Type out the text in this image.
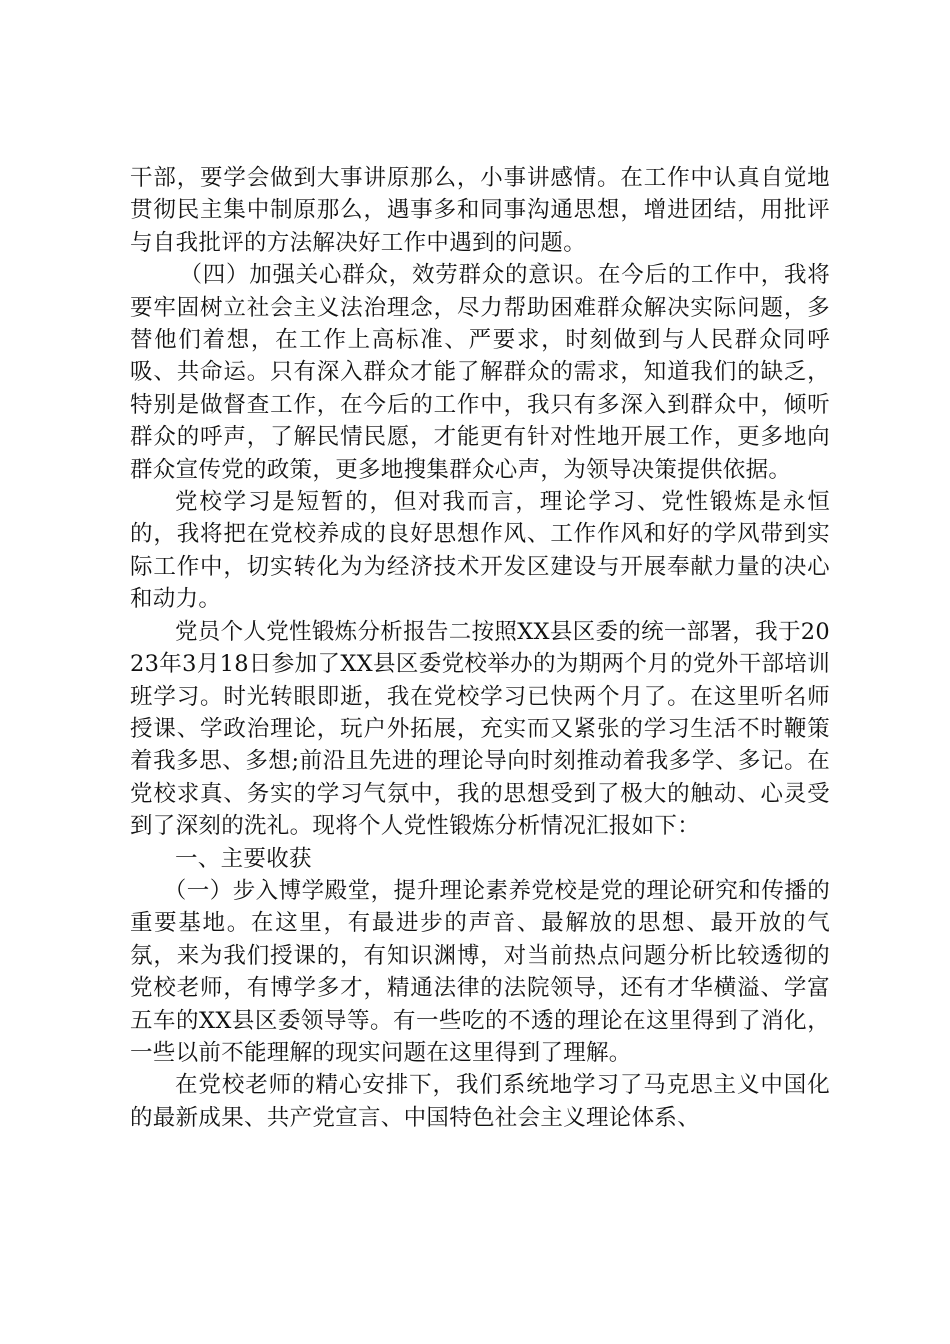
干部，要学会做到大事讲原那么，小事讲感情。在工作中认真自觉地贯彻民主集中制原那么，遇事多和同事沟通思想，增进团结，用批评与自我批评的方法解决好工作中遇到的问题。

（四）加强关心群众，效劳群众的意识。在今后的工作中，我将要牢固树立社会主义法治理念，尽力帮助困难群众解决实际问题，多替他们着想，在工作上高标准、严要求，时刻做到与人民群众同呼吸、共命运。只有深入群众才能了解群众的需求，知道我们的缺乏，特别是做督查工作，在今后的工作中，我只有多深入到群众中，倾听群众的呼声，了解民情民愿，才能更有针对性地开展工作，更多地向群众宣传党的政策，更多地搜集群众心声，为领导决策提供依据。

党校学习是短暂的，但对我而言，理论学习、党性锻炼是永恒的，我将把在党校养成的良好思想作风、工作作风和好的学风带到实际工作中，切实转化为为经济技术开发区建设与开展奉献力量的决心和动力。

党员个人党性锻炼分析报告二按照XX县区委的统一部署，我于2023年3月18日参加了XX县区委党校举办的为期两个月的党外干部培训班学习。时光转眼即逝，我在党校学习已快两个月了。在这里听名师授课、学政治理论，玩户外拓展，充实而又紧张的学习生活不时鞭策着我多思、多想;前沿且先进的理论导向时刻推动着我多学、多记。在党校求真、务实的学习气氛中，我的思想受到了极大的触动、心灵受到了深刻的洗礼。现将个人党性锻炼分析情况汇报如下：

一、主要收获

（一）步入博学殿堂，提升理论素养党校是党的理论研究和传播的重要基地。在这里，有最进步的声音、最解放的思想、最开放的气氛，来为我们授课的，有知识渊博，对当前热点问题分析比较透彻的党校老师，有博学多才，精通法律的法院领导，还有才华横溢、学富五车的XX县区委领导等。有一些吃的不透的理论在这里得到了消化，一些以前不能理解的现实问题在这里得到了理解。

在党校老师的精心安排下，我们系统地学习了马克思主义中国化的最新成果、共产党宣言、中国特色社会主义理论体系、
